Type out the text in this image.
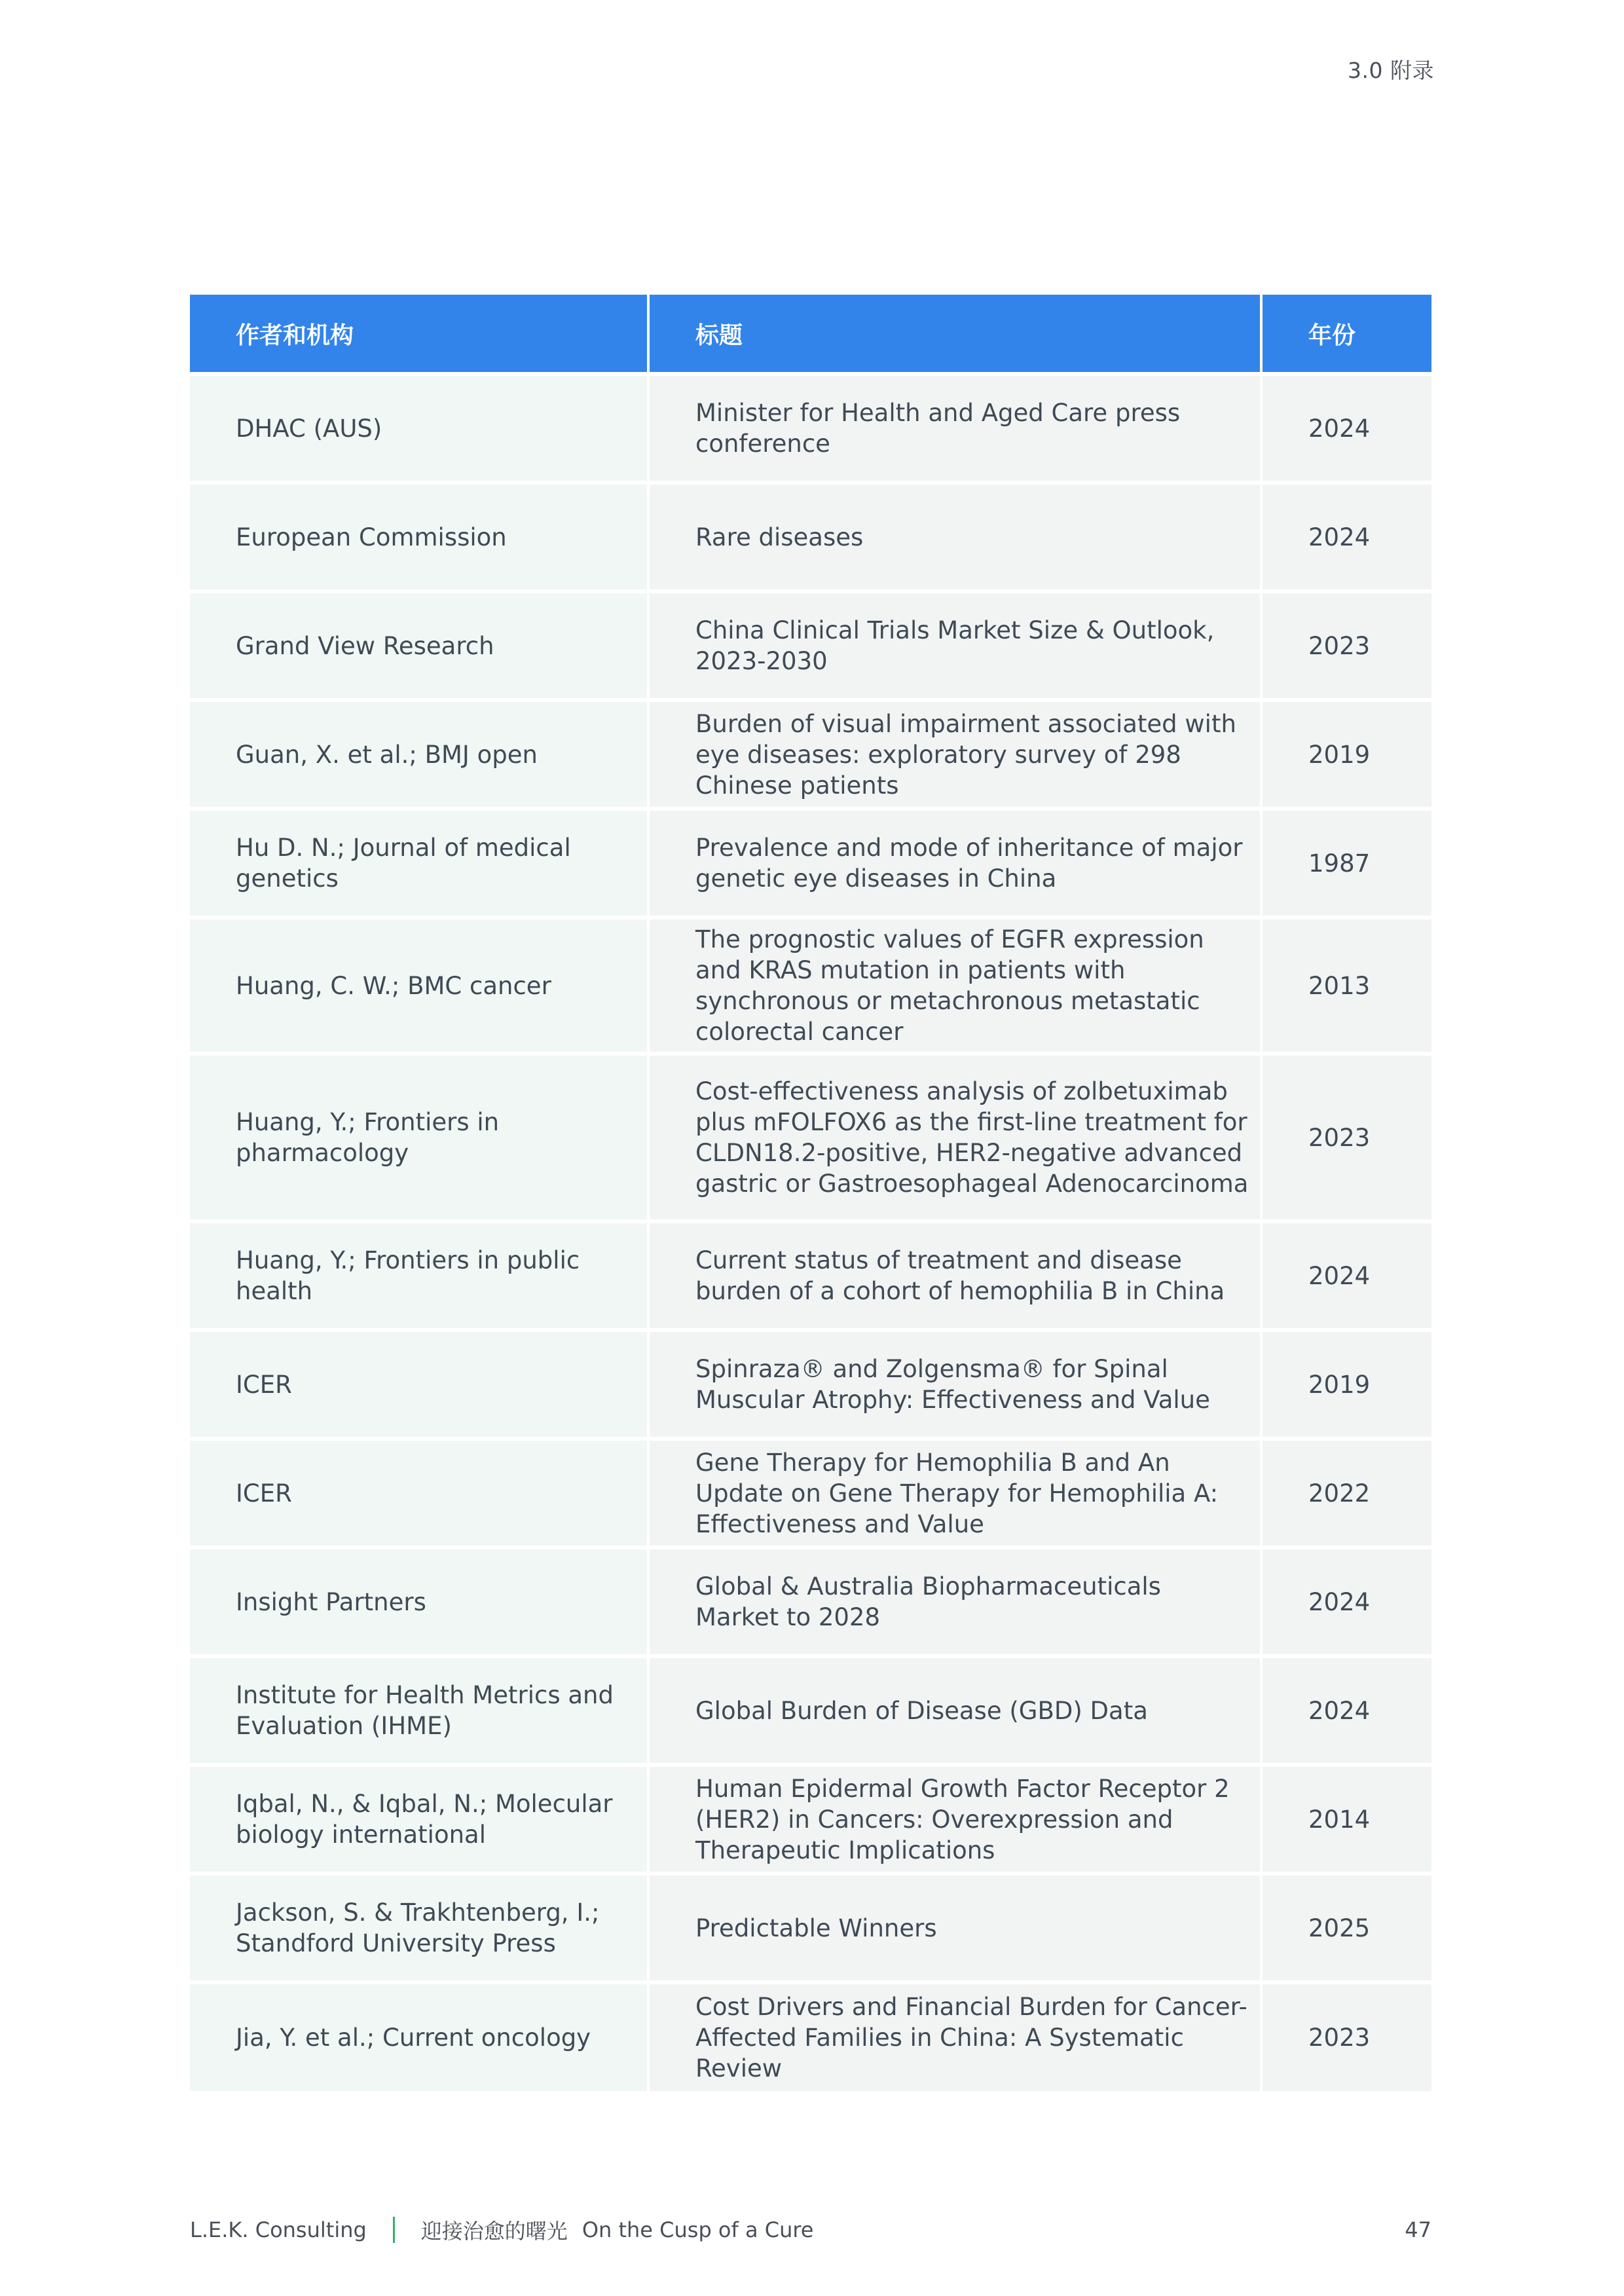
3.0 附录
作者和机构	标题	年份
DHAC (AUS)	Minister for Health and Aged Care press conference	2024
European Commission	Rare diseases	2024
Grand View Research	China Clinical Trials Market Size & Outlook, 2023-2030	2023
Guan, X. et al.; BMJ open	Burden of visual impairment associated with eye diseases: exploratory survey of 298 Chinese patients	2019
Hu D. N.; Journal of medical genetics	Prevalence and mode of inheritance of major genetic eye diseases in China	1987
Huang, C. W.; BMC cancer	The prognostic values of EGFR expression and KRAS mutation in patients with synchronous or metachronous metastatic colorectal cancer	2013
Huang, Y.; Frontiers in pharmacology	Cost-effectiveness analysis of zolbetuximab plus mFOLFOX6 as the first-line treatment for CLDN18.2-positive, HER2-negative advanced gastric or Gastroesophageal Adenocarcinoma	2023
Huang, Y.; Frontiers in public health	Current status of treatment and disease burden of a cohort of hemophilia B in China	2024
ICER	Spinraza® and Zolgensma® for Spinal Muscular Atrophy: Effectiveness and Value	2019
ICER	Gene Therapy for Hemophilia B and An Update on Gene Therapy for Hemophilia A: Effectiveness and Value	2022
Insight Partners	Global & Australia Biopharmaceuticals Market to 2028	2024
Institute for Health Metrics and Evaluation (IHME)	Global Burden of Disease (GBD) Data	2024
Iqbal, N., & Iqbal, N.; Molecular biology international	Human Epidermal Growth Factor Receptor 2 (HER2) in Cancers: Overexpression and Therapeutic Implications	2014
Jackson, S. & Trakhtenberg, I.; Standford University Press	Predictable Winners	2025
Jia, Y. et al.; Current oncology	Cost Drivers and Financial Burden for Cancer-Affected Families in China: A Systematic Review	2023
L.E.K. Consulting	迎接治愈的曙光 On the Cusp of a Cure	47
